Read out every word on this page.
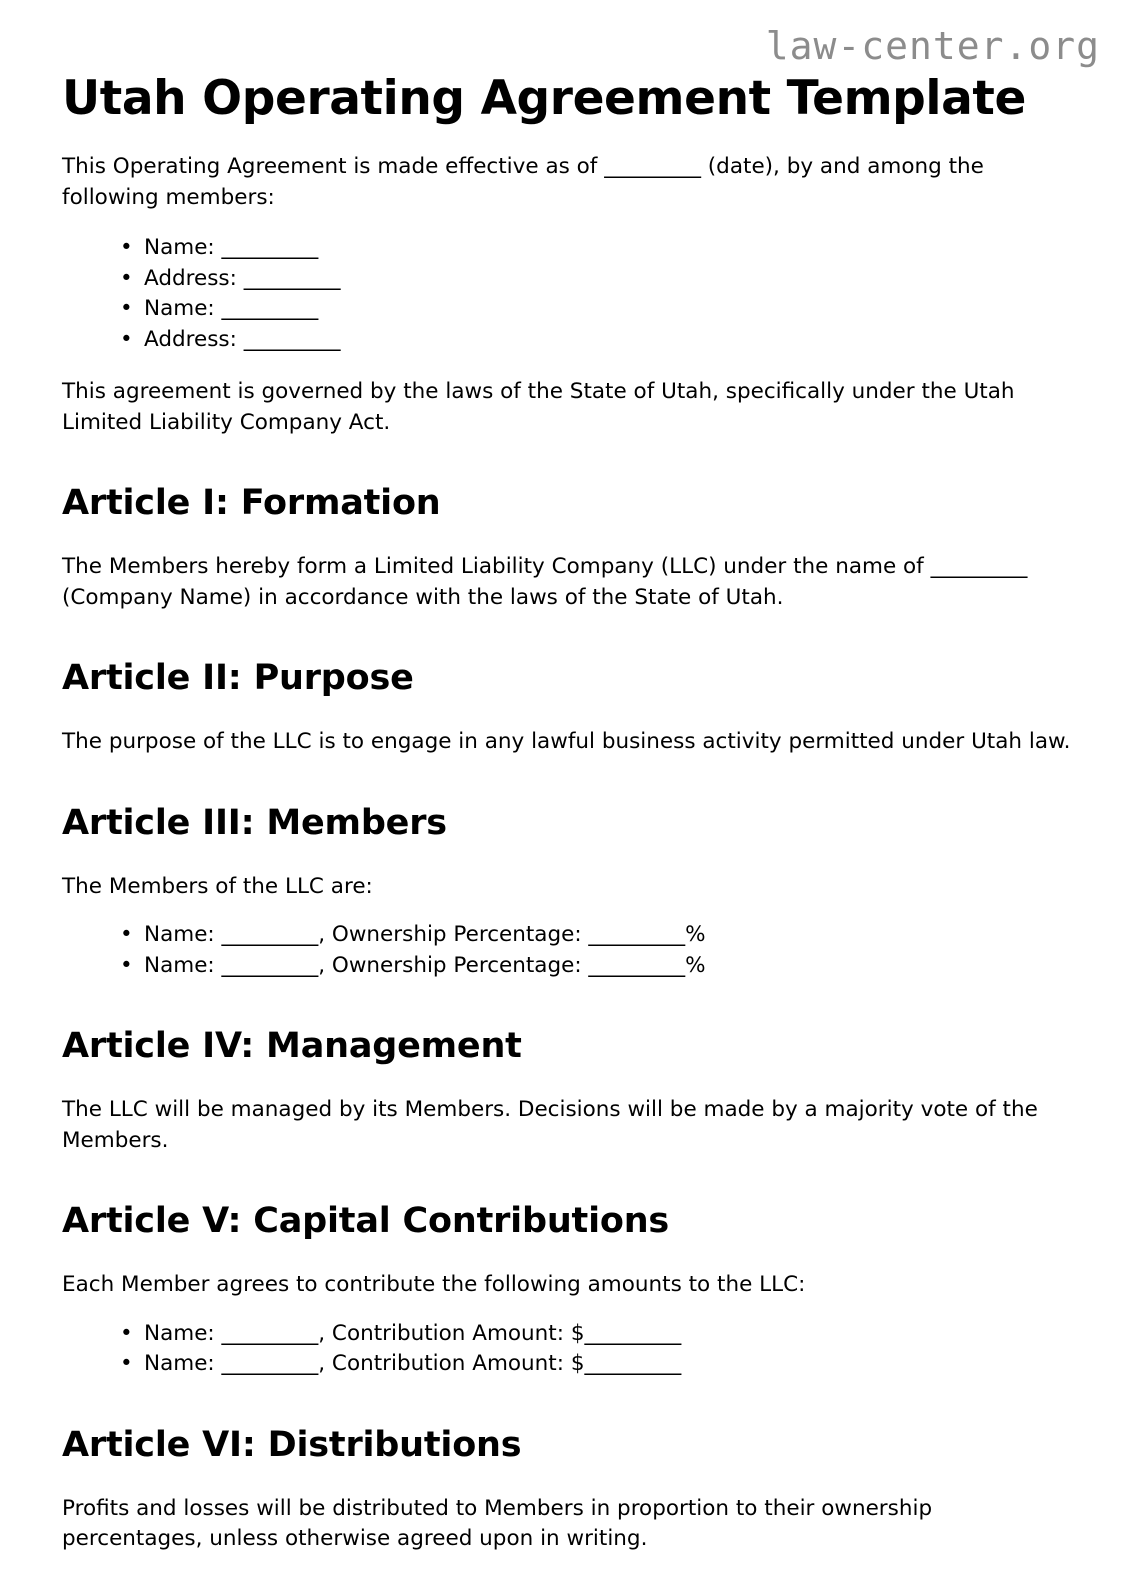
law-center.org
Utah Operating Agreement Template

This Operating Agreement is made effective as of _________ (date), by and among the following members:

• Name: _________
• Address: _________
• Name: _________
• Address: _________

This agreement is governed by the laws of the State of Utah, specifically under the Utah Limited Liability Company Act.

Article I: Formation

The Members hereby form a Limited Liability Company (LLC) under the name of _________ (Company Name) in accordance with the laws of the State of Utah.

Article II: Purpose

The purpose of the LLC is to engage in any lawful business activity permitted under Utah law.

Article III: Members

The Members of the LLC are:

• Name: _________, Ownership Percentage: _________%
• Name: _________, Ownership Percentage: _________%
Article IV: Management

The LLC will be managed by its Members. Decisions will be made by a majority vote of the Members.

Article V: Capital Contributions

Each Member agrees to contribute the following amounts to the LLC:

• Name: _________, Contribution Amount: $_________
• Name: _________, Contribution Amount: $_________
Article VI: Distributions

Profits and losses will be distributed to Members in proportion to their ownership percentages, unless otherwise agreed upon in writing.
